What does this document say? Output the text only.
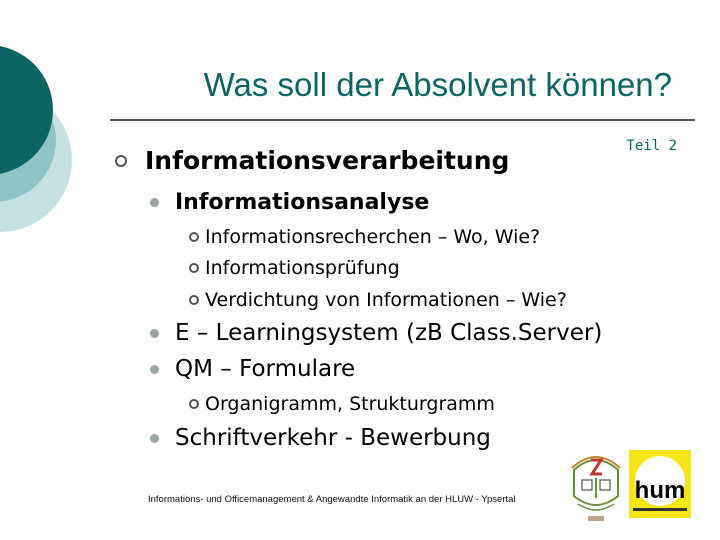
Was soll der Absolvent können?
Teil 2
Informationsverarbeitung
Informationsanalyse
Informationsrecherchen – Wo, Wie?
Informationsprüfung
Verdichtung von Informationen – Wie?
E – Learningsystem (zB Class.Server)
QM – Formulare
Organigramm, Strukturgramm
Schriftverkehr - Bewerbung
Informations- und Officemanagement & Angewandte Informatik an der HLUW - Ypsertal	hum
